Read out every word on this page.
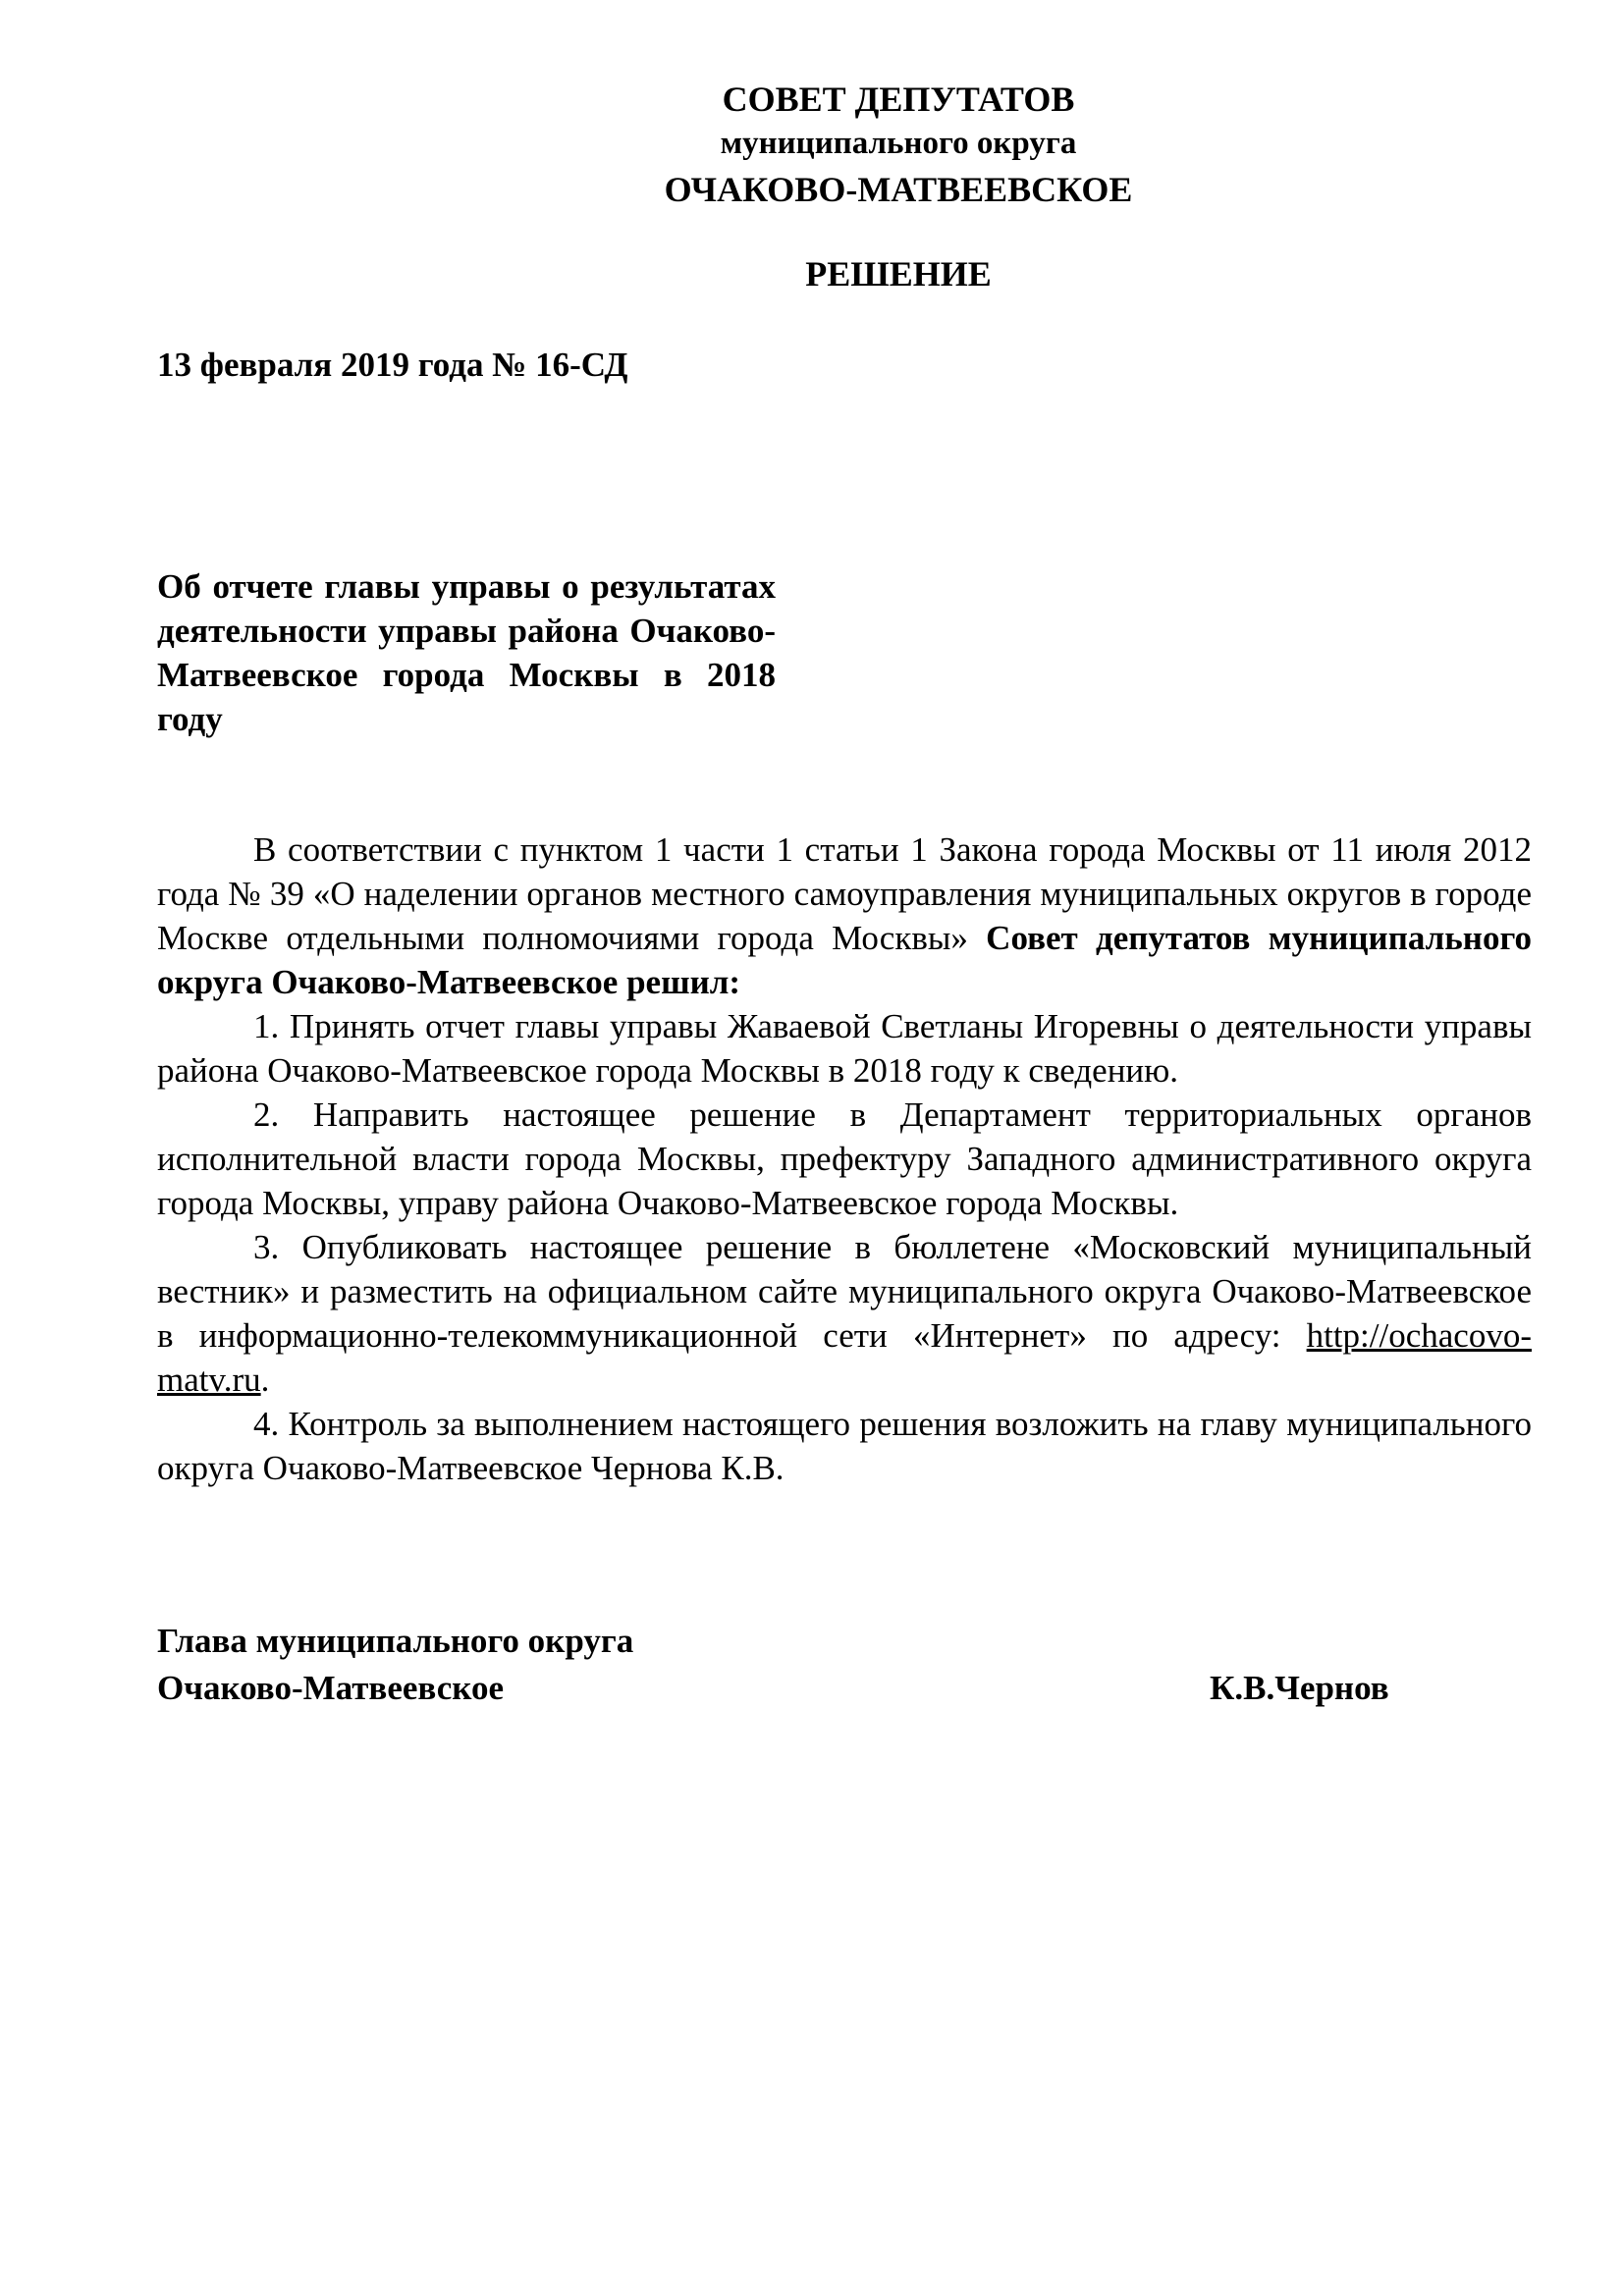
СОВЕТ ДЕПУТАТОВ
муниципального округа
ОЧАКОВО-МАТВЕЕВСКОЕ
РЕШЕНИЕ
13 февраля 2019 года № 16-СД
Об отчете главы управы о результатах деятельности управы района Очаково-Матвеевское города Москвы в 2018 году

В соответствии с пунктом 1 части 1 статьи 1 Закона города Москвы от 11 июля 2012 года № 39 «О наделении органов местного самоуправления муниципальных округов в городе Москве отдельными полномочиями города Москвы» Совет депутатов муниципального округа Очаково-Матвеевское решил:

1. Принять отчет главы управы Жаваевой Светланы Игоревны о деятельности управы района Очаково-Матвеевское города Москвы в 2018 году к сведению.

2. Направить настоящее решение в Департамент территориальных органов исполнительной власти города Москвы, префектуру Западного административного округа города Москвы, управу района Очаково-Матвеевское города Москвы.

3. Опубликовать настоящее решение в бюллетене «Московский муниципальный вестник» и разместить на официальном сайте муниципального округа Очаково-Матвеевское в информационно-телекоммуникационной сети «Интернет» по адресу: http://ochacovo-matv.ru.

4. Контроль за выполнением настоящего решения возложить на главу муниципального округа Очаково-Матвеевское Чернова К.В.

Глава муниципального округа
Очаково-Матвеевское	К.В.Чернов
